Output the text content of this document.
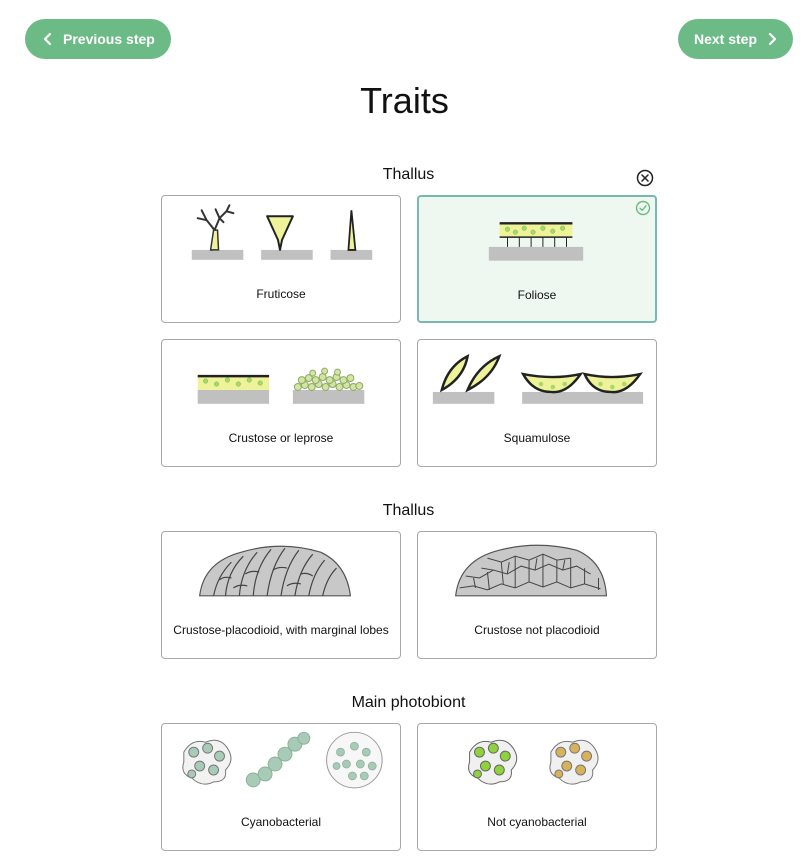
Previous step	Next step
Traits
Thallus
Fruticose	Foliose
Crustose or leprose	Squamulose
Thallus
Crustose-placodioid, with marginal lobes	Crustose not placodioid
Main photobiont
Cyanobacterial	Not cyanobacterial
